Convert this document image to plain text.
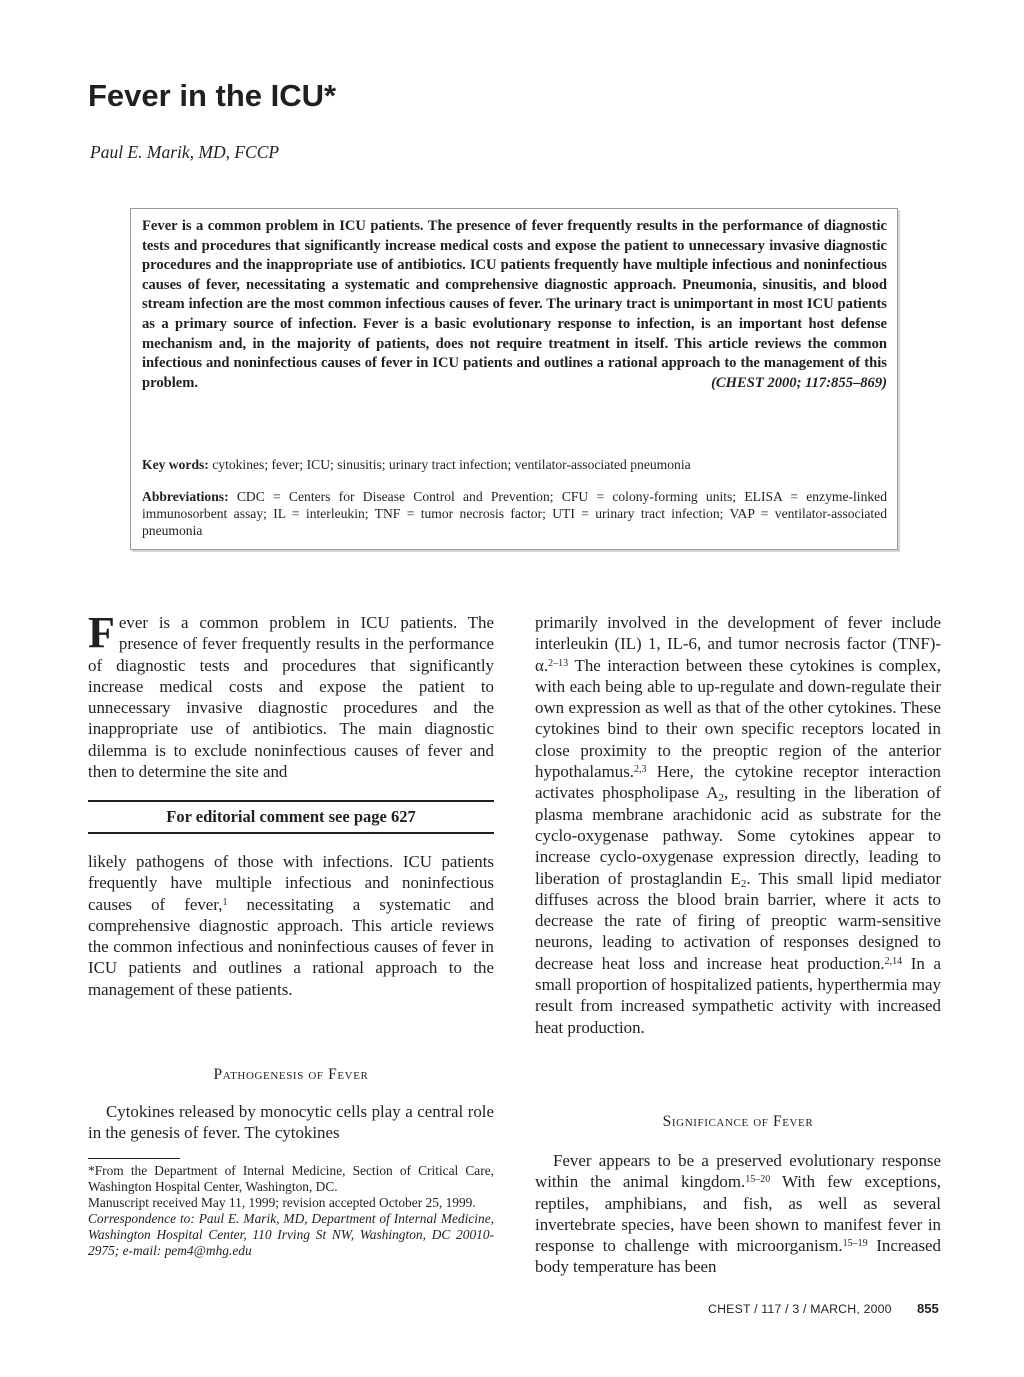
Fever in the ICU*
Paul E. Marik, MD, FCCP

Fever is a common problem in ICU patients. The presence of fever frequently results in the performance of diagnostic tests and procedures that significantly increase medical costs and expose the patient to unnecessary invasive diagnostic procedures and the inappropriate use of antibiotics. ICU patients frequently have multiple infectious and noninfectious causes of fever, necessitating a systematic and comprehensive diagnostic approach. Pneumonia, sinusitis, and blood stream infection are the most common infectious causes of fever. The urinary tract is unimportant in most ICU patients as a primary source of infection. Fever is a basic evolutionary response to infection, is an important host defense mechanism and, in the majority of patients, does not require treatment in itself. This article reviews the common infectious and noninfectious causes of fever in ICU patients and outlines a rational approach to the management of this problem.	(CHEST 2000; 117:855–869)

Key words: cytokines; fever; ICU; sinusitis; urinary tract infection; ventilator-associated pneumonia

Abbreviations: CDC = Centers for Disease Control and Prevention; CFU = colony-forming units; ELISA = enzyme-linked immunosorbent assay; IL = interleukin; TNF = tumor necrosis factor; UTI = urinary tract infection; VAP = ventilator-associated pneumonia

Fever is a common problem in ICU patients. The presence of fever frequently results in the performance of diagnostic tests and procedures that significantly increase medical costs and expose the patient to unnecessary invasive diagnostic procedures and the inappropriate use of antibiotics. The main diagnostic dilemma is to exclude noninfectious causes of fever and then to determine the site and

For editorial comment see page 627

likely pathogens of those with infections. ICU patients frequently have multiple infectious and noninfectious causes of fever,$^1$ necessitating a systematic and comprehensive diagnostic approach. This article reviews the common infectious and noninfectious causes of fever in ICU patients and outlines a rational approach to the management of these patients.

Pathogenesis of Fever

Cytokines released by monocytic cells play a central role in the genesis of fever. The cytokines

*From the Department of Internal Medicine, Section of Critical Care, Washington Hospital Center, Washington, DC.
Manuscript received May 11, 1999; revision accepted October 25, 1999.
Correspondence to: Paul E. Marik, MD, Department of Internal Medicine, Washington Hospital Center, 110 Irving St NW, Washington, DC 20010-2975; e-mail: pem4@mhg.edu

primarily involved in the development of fever include interleukin (IL) 1, IL-6, and tumor necrosis factor (TNF)-α.$^{2-13}$ The interaction between these cytokines is complex, with each being able to up-regulate and down-regulate their own expression as well as that of the other cytokines. These cytokines bind to their own specific receptors located in close proximity to the preoptic region of the anterior hypothalamus.$^{2,3}$ Here, the cytokine receptor interaction activates phospholipase $A_2$, resulting in the liberation of plasma membrane arachidonic acid as substrate for the cyclo-oxygenase pathway. Some cytokines appear to increase cyclo-oxygenase expression directly, leading to liberation of prostaglandin $E_2$. This small lipid mediator diffuses across the blood brain barrier, where it acts to decrease the rate of firing of preoptic warm-sensitive neurons, leading to activation of responses designed to decrease heat loss and increase heat production.$^{2,14}$ In a small proportion of hospitalized patients, hyperthermia may result from increased sympathetic activity with increased heat production.

Significance of Fever

Fever appears to be a preserved evolutionary response within the animal kingdom.$^{15-20}$ With few exceptions, reptiles, amphibians, and fish, as well as several invertebrate species, have been shown to manifest fever in response to challenge with microorganism.$^{15-19}$ Increased body temperature has been

CHEST / 117 / 3 / MARCH, 2000 855
